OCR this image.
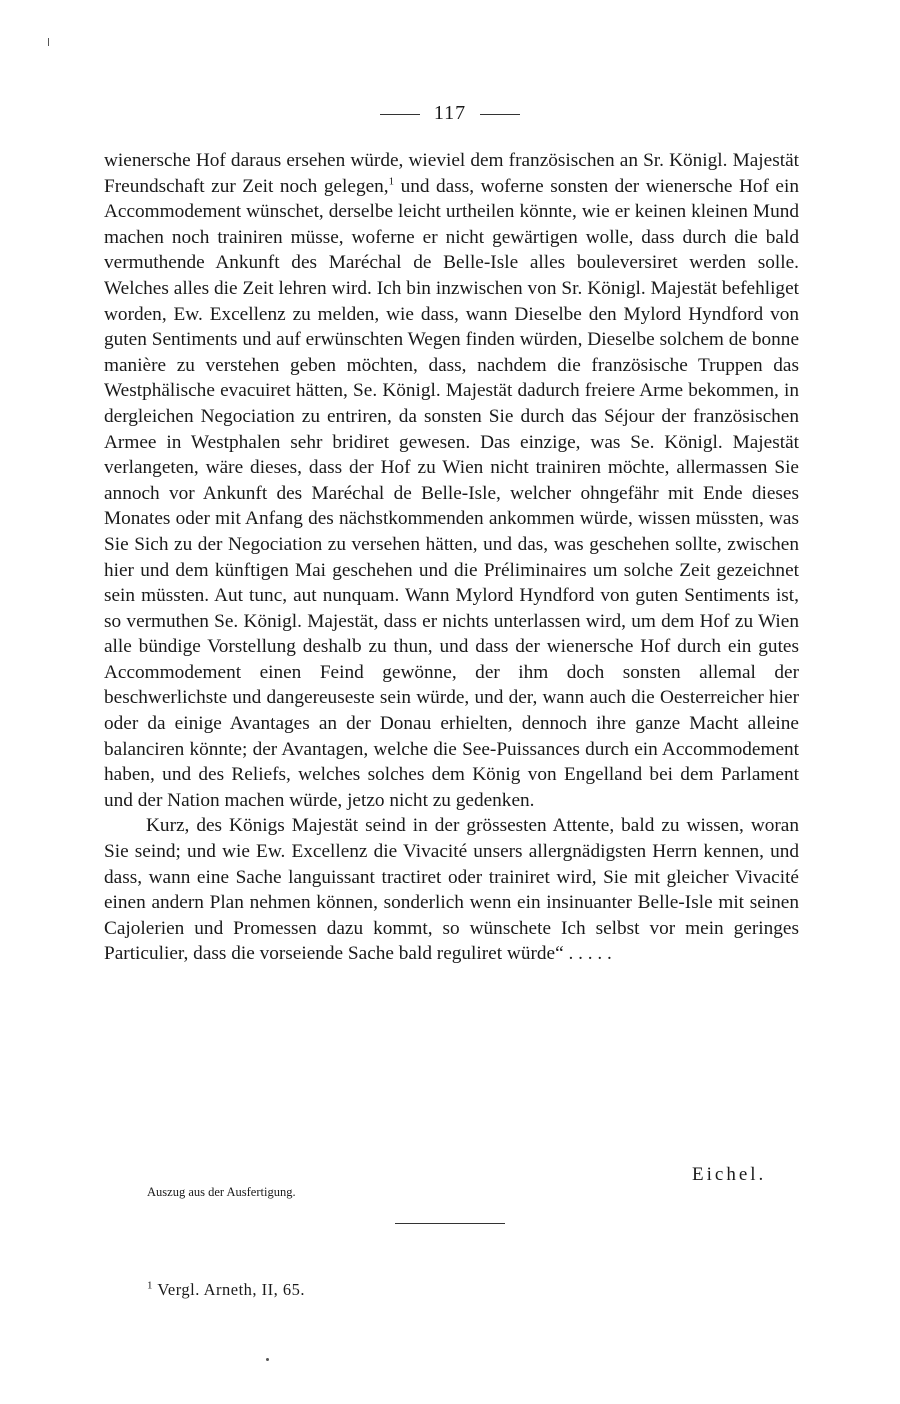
117

wienersche Hof daraus ersehen würde, wieviel dem französischen an Sr. Königl. Majestät Freundschaft zur Zeit noch gelegen,$^1$ und dass, woferne sonsten der wienersche Hof ein Accommodement wünschet, derselbe leicht urtheilen könnte, wie er keinen kleinen Mund machen noch trainiren müsse, woferne er nicht gewärtigen wolle, dass durch die bald vermuthende Ankunft des Maréchal de Belle-Isle alles bouleversiret werden solle. Welches alles die Zeit lehren wird. Ich bin inzwischen von Sr. Königl. Majestät befehliget worden, Ew. Excellenz zu melden, wie dass, wann Dieselbe den Mylord Hyndford von guten Sentiments und auf erwünschten Wegen finden würden, Dieselbe solchem de bonne manière zu verstehen geben möchten, dass, nachdem die französische Truppen das Westphälische evacuiret hätten, Se. Königl. Majestät dadurch freiere Arme bekommen, in dergleichen Negociation zu entriren, da sonsten Sie durch das Séjour der französischen Armee in Westphalen sehr bridiret gewesen. Das einzige, was Se. Königl. Majestät verlangeten, wäre dieses, dass der Hof zu Wien nicht trainiren möchte, allermassen Sie annoch vor Ankunft des Maréchal de Belle-Isle, welcher ohngefähr mit Ende dieses Monates oder mit Anfang des nächstkommenden ankommen würde, wissen müssten, was Sie Sich zu der Negociation zu versehen hätten, und das, was geschehen sollte, zwischen hier und dem künftigen Mai geschehen und die Préliminaires um solche Zeit gezeichnet sein müssten. Aut tunc, aut nunquam. Wann Mylord Hyndford von guten Sentiments ist, so vermuthen Se. Königl. Majestät, dass er nichts unterlassen wird, um dem Hof zu Wien alle bündige Vorstellung deshalb zu thun, und dass der wienersche Hof durch ein gutes Accommodement einen Feind gewönne, der ihm doch sonsten allemal der beschwerlichste und dangereuseste sein würde, und der, wann auch die Oesterreicher hier oder da einige Avantages an der Donau erhielten, dennoch ihre ganze Macht alleine balanciren könnte; der Avantagen, welche die See-Puissances durch ein Accommodement haben, und des Reliefs, welches solches dem König von Engelland bei dem Parlament und der Nation machen würde, jetzo nicht zu gedenken.

Kurz, des Königs Majestät seind in der grössesten Attente, bald zu wissen, woran Sie seind; und wie Ew. Excellenz die Vivacité unsers allergnädigsten Herrn kennen, und dass, wann eine Sache languissant tractiret oder trainiret wird, Sie mit gleicher Vivacité einen andern Plan nehmen können, sonderlich wenn ein insinuanter Belle-Isle mit seinen Cajolerien und Promessen dazu kommt, so wünschete Ich selbst vor mein geringes Particulier, dass die vorseiende Sache bald reguliret würde“ . . . . .

Eichel.
Auszug aus der Ausfertigung.
$^1$ Vergl. Arneth, II, 65.
